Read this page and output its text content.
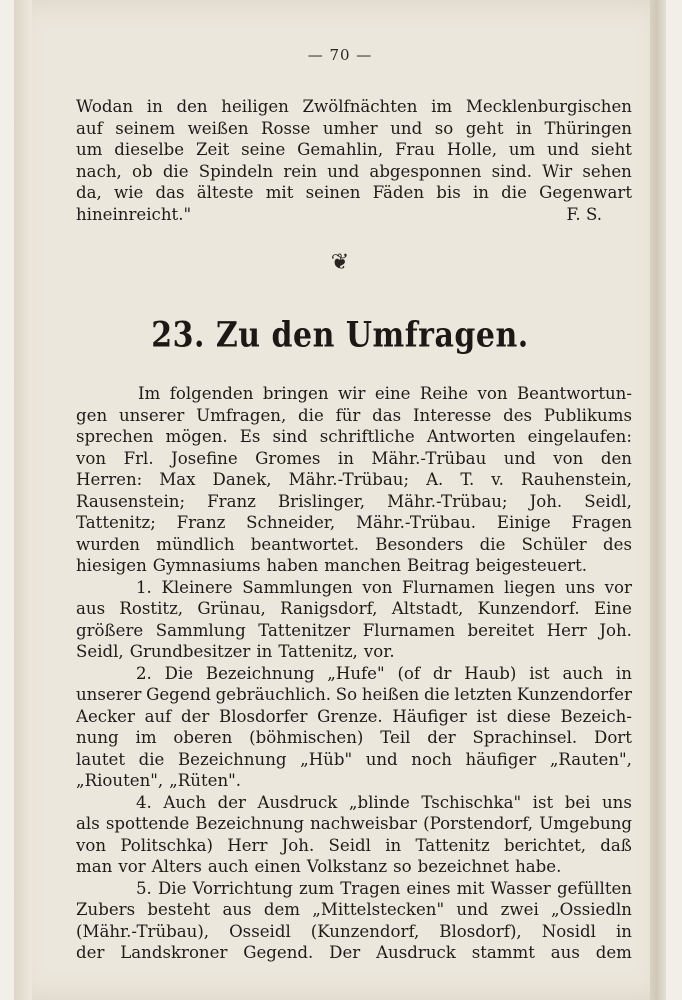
— 70 —
Wodan in den heiligen Zwölfnächten im Mecklenburgischen
auf seinem weißen Rosse umher und so geht in Thüringen
um dieselbe Zeit seine Gemahlin, Frau Holle, um und sieht
nach, ob die Spindeln rein und abgesponnen sind. Wir sehen
da, wie das älteste mit seinen Fäden bis in die Gegenwart
hineinreicht."	F. S.
❦
23. Zu den Umfragen.
Im folgenden bringen wir eine Reihe von Beantwortun-
gen unserer Umfragen, die für das Interesse des Publikums
sprechen mögen. Es sind schriftliche Antworten eingelaufen:
von Frl. Josefine Gromes in Mähr.-Trübau und von den
Herren: Max Danek, Mähr.-Trübau; A. T. v. Rauhenstein,
Rausenstein; Franz Brislinger, Mähr.-Trübau; Joh. Seidl,
Tattenitz; Franz Schneider, Mähr.-Trübau. Einige Fragen
wurden mündlich beantwortet. Besonders die Schüler des
hiesigen Gymnasiums haben manchen Beitrag beigesteuert.
1. Kleinere Sammlungen von Flurnamen liegen uns vor
aus Rostitz, Grünau, Ranigsdorf, Altstadt, Kunzendorf. Eine
größere Sammlung Tattenitzer Flurnamen bereitet Herr Joh.
Seidl, Grundbesitzer in Tattenitz, vor.
2. Die Bezeichnung „Hufe" (of dr Haub) ist auch in
unserer Gegend gebräuchlich. So heißen die letzten Kunzendorfer
Aecker auf der Blosdorfer Grenze. Häufiger ist diese Bezeich-
nung im oberen (böhmischen) Teil der Sprachinsel. Dort
lautet die Bezeichnung „Hüb" und noch häufiger „Rauten",
„Riouten", „Rüten".
4. Auch der Ausdruck „blinde Tschischka" ist bei uns
als spottende Bezeichnung nachweisbar (Porstendorf, Umgebung
von Politschka) Herr Joh. Seidl in Tattenitz berichtet, daß
man vor Alters auch einen Volkstanz so bezeichnet habe.
5. Die Vorrichtung zum Tragen eines mit Wasser gefüllten
Zubers besteht aus dem „Mittelstecken" und zwei „Ossiedln
(Mähr.-Trübau), Osseidl (Kunzendorf, Blosdorf), Nosidl in
der Landskroner Gegend. Der Ausdruck stammt aus dem
